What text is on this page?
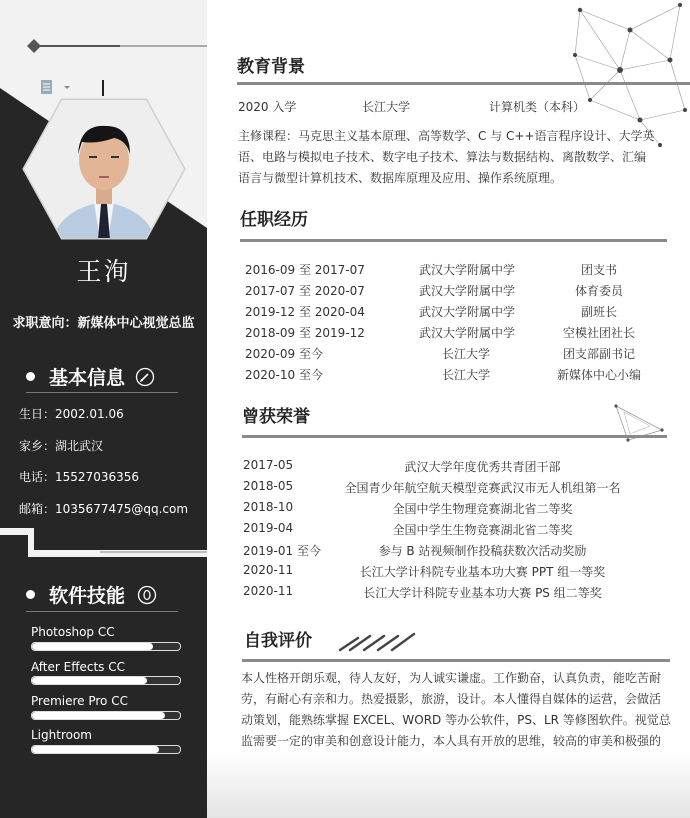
王洵
求职意向：新媒体中心视觉总监
基本信息
生日：2002.01.06
家乡：湖北武汉
电话：15527036356
邮箱：1035677475@qq.com
软件技能
Photoshop CC
After Effects CC
Premiere Pro CC
Lightroom
教育背景
2020 入学	长江大学	计算机类（本科）
主修课程：马克思主义基本原理、高等数学、C 与 C++语言程序设计、大学英
语、电路与模拟电子技术、数字电子技术、算法与数据结构、离散数学、汇编
语言与微型计算机技术、数据库原理及应用、操作系统原理。
任职经历
2016-09 至 2017-07	武汉大学附属中学	团支书
2017-07 至 2020-07	武汉大学附属中学	体育委员
2019-12 至 2020-04	武汉大学附属中学	副班长
2018-09 至 2019-12	武汉大学附属中学	空模社团社长
2020-09 至今	长江大学	团支部副书记
2020-10 至今	长江大学	新媒体中心小编
曾获荣誉
2017-05	武汉大学年度优秀共青团干部
2018-05	全国青少年航空航天模型竞赛武汉市无人机组第一名
2018-10	全国中学生物理竞赛湖北省二等奖
2019-04	全国中学生生物竞赛湖北省二等奖
2019-01 至今	参与 B 站视频制作投稿获数次活动奖励
2020-11	长江大学计科院专业基本功大赛 PPT 组一等奖
2020-11	长江大学计科院专业基本功大赛 PS 组二等奖
自我评价
本人性格开朗乐观，待人友好，为人诚实谦虚。工作勤奋，认真负责，能吃苦耐
劳，有耐心有亲和力。热爱摄影，旅游，设计。本人懂得自媒体的运营，会做活
动策划，能熟练掌握 EXCEL、WORD 等办公软件，PS、LR 等修图软件。视觉总
监需要一定的审美和创意设计能力，本人具有开放的思维，较高的审美和极强的
